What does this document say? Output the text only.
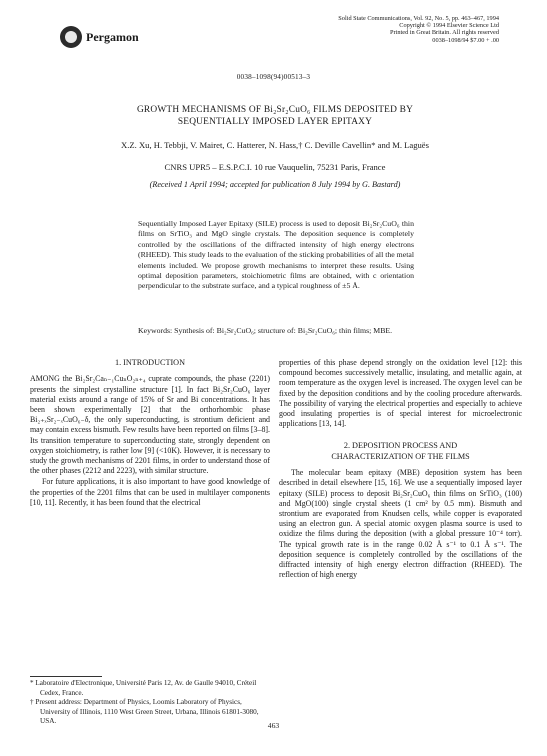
Pergamon
Solid State Communications, Vol. 92, No. 5, pp. 463–467, 1994
Copyright © 1994 Elsevier Science Ltd
Printed in Great Britain. All rights reserved
0038–1098/94 $7.00 + .00
0038–1098(94)00513–3
GROWTH MECHANISMS OF Bi₂Sr₂CuO₆ FILMS DEPOSITED BY
SEQUENTIALLY IMPOSED LAYER EPITAXY
X.Z. Xu, H. Tebbji, V. Mairet, C. Hatterer, N. Hass,† C. Deville Cavellin* and M. Laguës
CNRS UPR5 – E.S.P.C.I. 10 rue Vauquelin, 75231 Paris, France
(Received 1 April 1994; accepted for publication 8 July 1994 by G. Bastard)

Sequentially Imposed Layer Epitaxy (SILE) process is used to deposit Bi₂Sr₂CuO₆ thin films on SrTiO₃ and MgO single crystals. The deposition sequence is completely controlled by the oscillations of the diffracted intensity of high energy electrons (RHEED). This study leads to the evaluation of the sticking probabilities of all the metal elements included. We propose growth mechanisms to interpret these results. Using optimal deposition parameters, stoichiometric films are obtained, with c orientation perpendicular to the substrate surface, and a typical roughness of ±5 Å.

Keywords: Synthesis of: Bi₂Sr₂CuO₆; structure of: Bi₂Sr₂CuO₆; thin films; MBE.

1. INTRODUCTION

AMONG the Bi₂Sr₂Caₙ₋₁CuₙO₂ₙ₊₄ cuprate compounds, the phase (2201) presents the simplest crystalline structure [1]. In fact Bi₂Sr₂CuO₆ layer material exists around a range of 15% of Sr and Bi concentrations. It has been shown experimentally [2] that the orthorhombic phase Bi₂₊ₓSr₂₋ₓCuO₆₋δ, the only superconducting, is strontium deficient and may contain excess bismuth. Few results have been reported on films [3–8]. Its transition temperature to superconducting state, strongly dependent on oxygen stoichiometry, is rather low [9] (<10K). However, it is necessary to study the growth mechanisms of 2201 films, in order to understand those of the other phases (2212 and 2223), with similar structure.

For future applications, it is also important to have good knowledge of the properties of the 2201 films that can be used in multilayer components [10, 11]. Recently, it has been found that the electrical

properties of this phase depend strongly on the oxidation level [12]: this compound becomes successively metallic, insulating, and metallic again, at room temperature as the oxygen level is increased. The oxygen level can be fixed by the deposition conditions and by the cooling procedure afterwards. The possibility of varying the electrical properties and especially to achieve good insulating properties is of special interest for microelectronic applications [13, 14].

2. DEPOSITION PROCESS AND
CHARACTERIZATION OF THE FILMS

The molecular beam epitaxy (MBE) deposition system has been described in detail elsewhere [15, 16]. We use a sequentially imposed layer epitaxy (SILE) process to deposit Bi₂Sr₂CuO₆ thin films on SrTiO₃ (100) and MgO(100) single crystal sheets (1 cm² by 0.5 mm). Bismuth and strontium are evaporated from Knudsen cells, while copper is evaporated using an electron gun. A special atomic oxygen plasma source is used to oxidize the films during the deposition (with a global pressure 10⁻⁴ torr). The typical growth rate is in the range 0.02 Å s⁻¹ to 0.1 Å s⁻¹. The deposition sequence is completely controlled by the oscillations of the diffracted intensity of high energy electron diffraction (RHEED). The reflection of high energy

* Laboratoire d'Electronique, Université Paris 12, Av. de Gaulle 94010, Créteil Cedex, France.

† Present address: Department of Physics, Loomis Laboratory of Physics, University of Illinois, 1110 West Green Street, Urbana, Illinois 61801-3080, USA.	463
